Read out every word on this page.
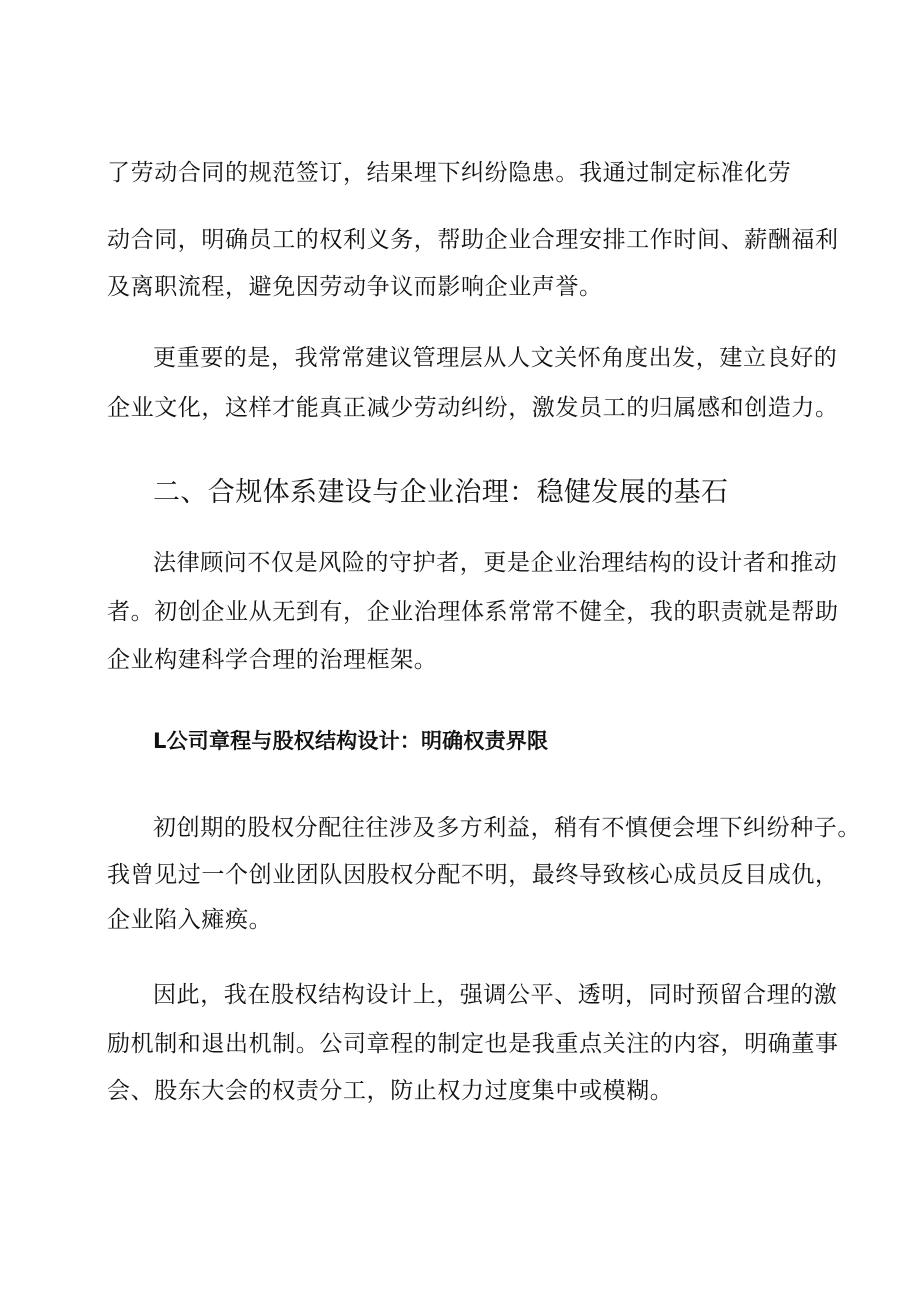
了劳动合同的规范签订，结果埋下纠纷隐患。我通过制定标准化劳
动合同，明确员工的权利义务，帮助企业合理安排工作时间、薪酬福利
及离职流程，避免因劳动争议而影响企业声誉。
更重要的是，我常常建议管理层从人文关怀角度出发，建立良好的
企业文化，这样才能真正减少劳动纠纷，激发员工的归属感和创造力。
二、合规体系建设与企业治理：稳健发展的基石
法律顾问不仅是风险的守护者，更是企业治理结构的设计者和推动
者。初创企业从无到有，企业治理体系常常不健全，我的职责就是帮助
企业构建科学合理的治理框架。
L公司章程与股权结构设计：明确权责界限
初创期的股权分配往往涉及多方利益，稍有不慎便会埋下纠纷种子。
我曾见过一个创业团队因股权分配不明，最终导致核心成员反目成仇，
企业陷入瘫痪。
因此，我在股权结构设计上，强调公平、透明，同时预留合理的激
励机制和退出机制。公司章程的制定也是我重点关注的内容，明确董事
会、股东大会的权责分工，防止权力过度集中或模糊。
